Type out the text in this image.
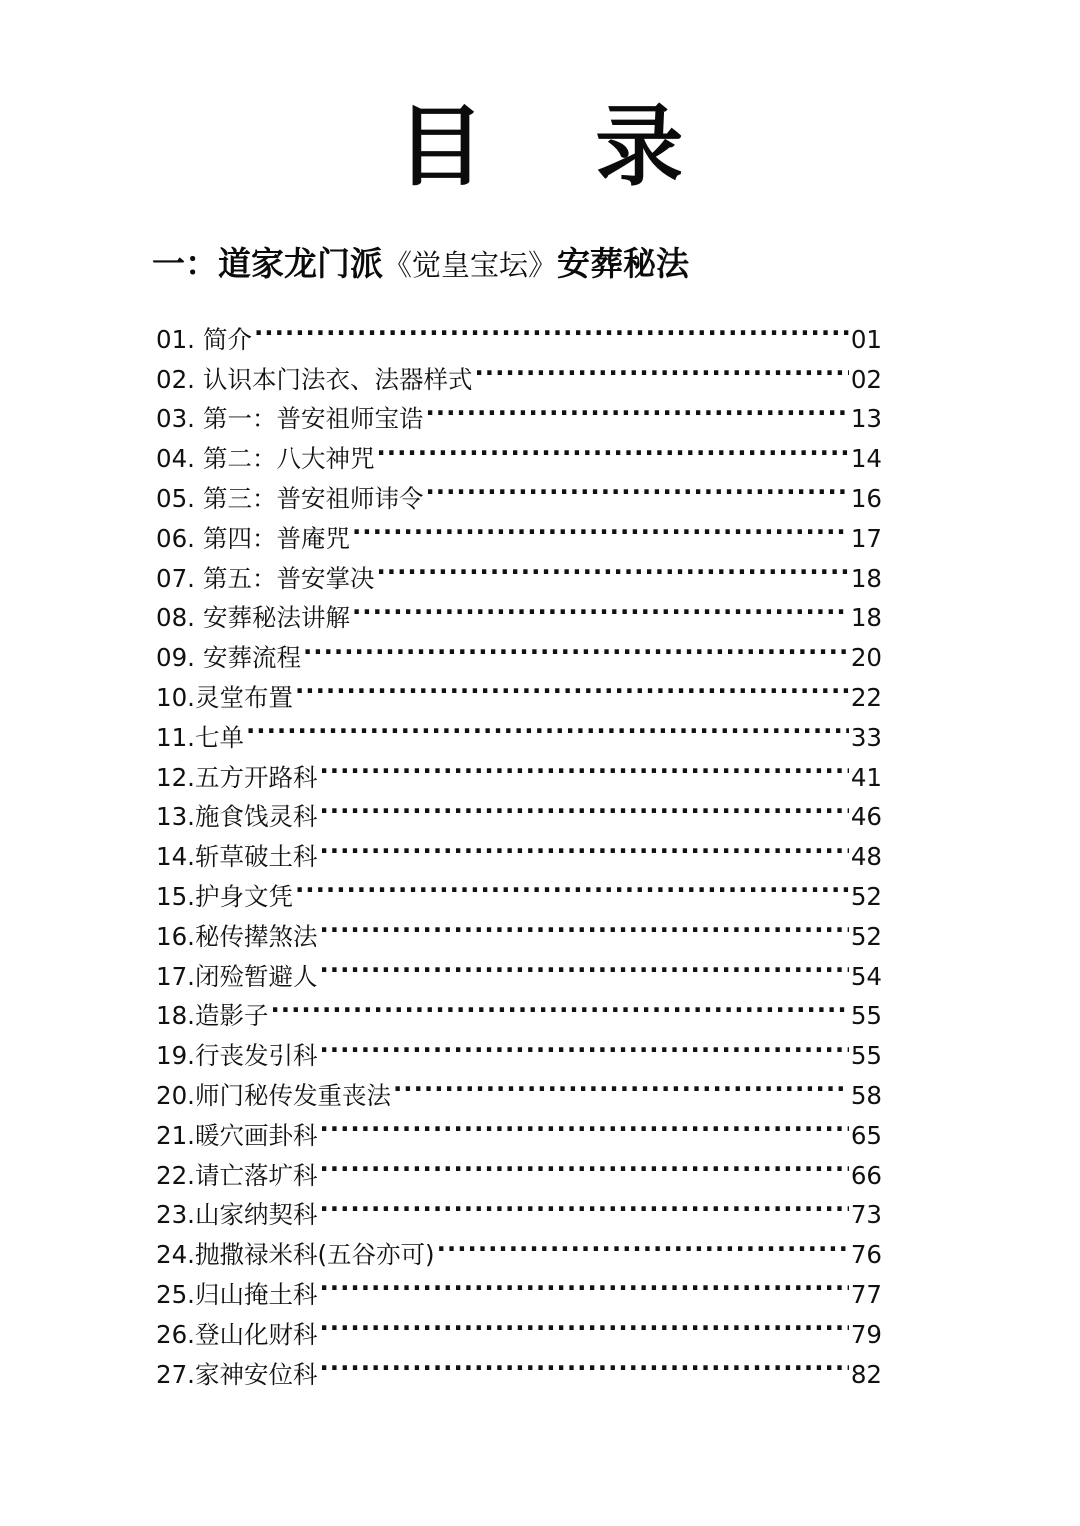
目 录
一：道家龙门派《觉皇宝坛》安葬秘法
01. 简介 .....	01
02. 认识本门法衣、法器样式 .....	02
03. 第一：普安祖师宝诰 .....	13
04. 第二：八大神咒 .....	14
05. 第三：普安祖师讳令 .....	16
06. 第四：普庵咒 .....	17
07. 第五：普安掌决 .....	18
08. 安葬秘法讲解 .....	18
09. 安葬流程 .....	20
10. 灵堂布置 .....	22
11. 七单 .....	33
12. 五方开路科 .....	41
13. 施食饯灵科 .....	46
14. 斩草破土科 .....	48
15. 护身文凭 .....	52
16. 秘传撵煞法 .....	52
17. 闭殓暂避人 .....	54
18. 造影子 .....	55
19. 行丧发引科 .....	55
20. 师门秘传发重丧法 .....	58
21. 暖穴画卦科 .....	65
22. 请亡落圹科 .....	66
23. 山家纳契科 .....	73
24. 抛撒禄米科(五谷亦可) .....	76
25. 归山掩土科 .....	77
26. 登山化财科 .....	79
27. 家神安位科 .....	82
